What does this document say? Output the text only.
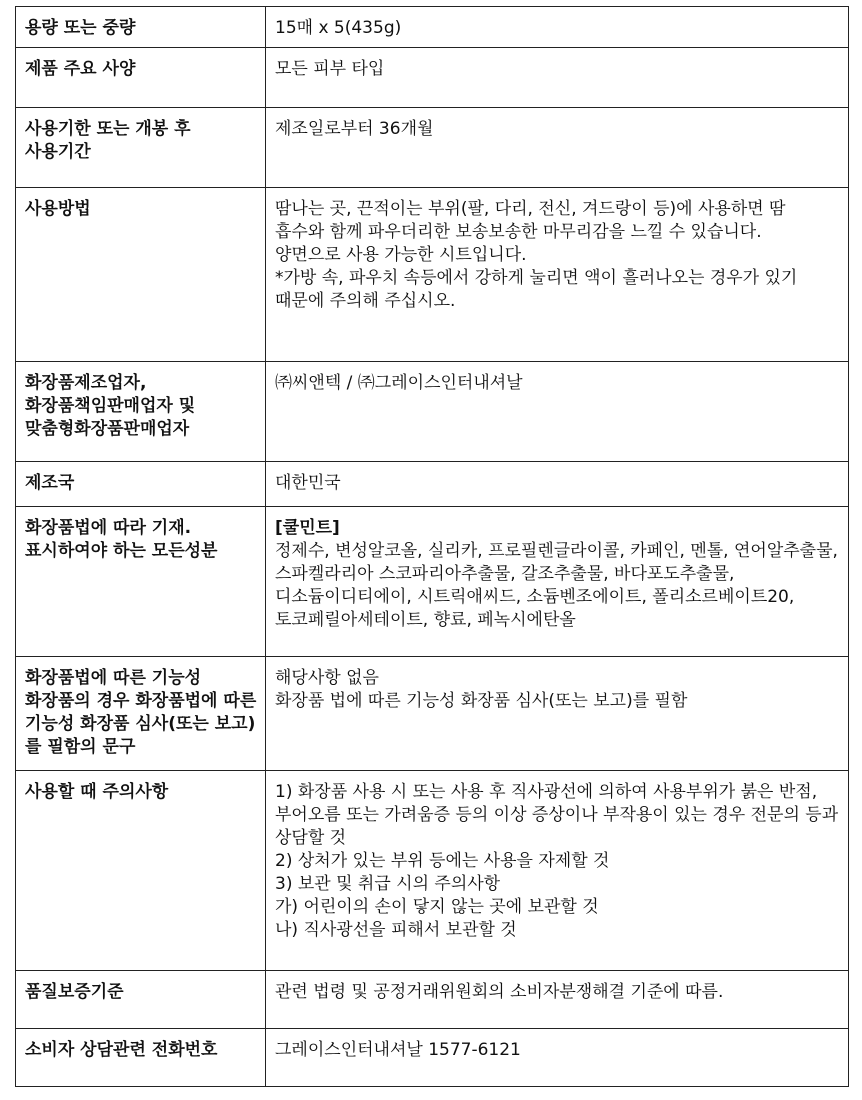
용량 또는 중량	15매 x 5(435g)

제품 주요 사양	모든 피부 타입

사용기한 또는 개봉 후 사용기간	제조일로부터 36개월

사용방법	땀나는 곳, 끈적이는 부위(팔, 다리, 전신, 겨드랑이 등)에 사용하면 땀 흡수와 함께 파우더리한 보송보송한 마무리감을 느낄 수 있습니다.
양면으로 사용 가능한 시트입니다.
*가방 속, 파우치 속등에서 강하게 눌리면 액이 흘러나오는 경우가 있기 때문에 주의해 주십시오.

화장품제조업자, 화장품책임판매업자 및 맞춤형화장품판매업자	㈜씨앤텍 / ㈜그레이스인터내셔날

제조국	대한민국

화장품법에 따라 기재.표시하여야 하는 모든성분	[쿨민트]
정제수, 변성알코올, 실리카, 프로필렌글라이콜, 카페인, 멘톨, 연어알추출물, 스파켈라리아 스코파리아추출물, 갈조추출물, 바다포도추출물, 디소듐이디티에이, 시트릭애씨드, 소듐벤조에이트, 폴리소르베이트20, 토코페릴아세테이트, 향료, 페녹시에탄올

화장품법에 따른 기능성 화장품의 경우 화장품법에 따른 기능성 화장품 심사(또는 보고)를 필함의 문구	해당사항 없음
화장품 법에 따른 기능성 화장품 심사(또는 보고)를 필함

사용할 때 주의사항	1) 화장품 사용 시 또는 사용 후 직사광선에 의하여 사용부위가 붉은 반점, 부어오름 또는 가려움증 등의 이상 증상이나 부작용이 있는 경우 전문의 등과 상담할 것
2) 상처가 있는 부위 등에는 사용을 자제할 것
3) 보관 및 취급 시의 주의사항
가) 어린이의 손이 닿지 않는 곳에 보관할 것
나) 직사광선을 피해서 보관할 것

품질보증기준	관련 법령 및 공정거래위원회의 소비자분쟁해결 기준에 따름.

소비자 상담관련 전화번호	그레이스인터내셔날 1577-6121
